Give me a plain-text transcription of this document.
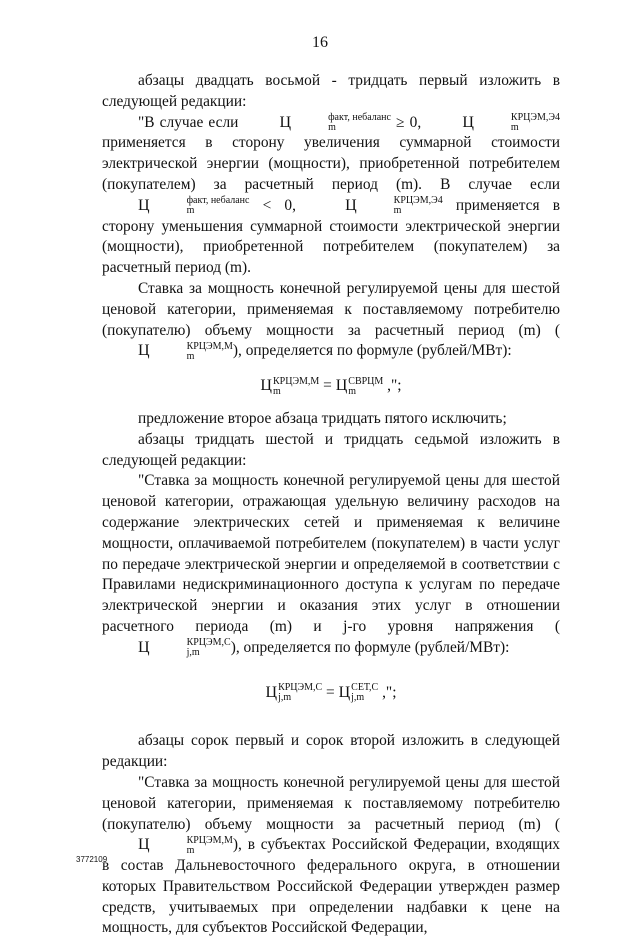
16

абзацы двадцать восьмой - тридцать первый изложить в следующей редакции:

"В случае если Ц	факт, небаланс
m	≥ 0, Ц	КРЦЭМ,Э4
m
применяется в сторону увеличения суммарной стоимости электрической энергии (мощности), приобретенной потребителем (покупателем) за расчетный период (m). В случае если Ц	факт, небаланс
m	< 0, Ц	КРЦЭМ,Э4
m	применяется в сторону уменьшения суммарной стоимости электрической энергии (мощности), приобретенной потребителем (покупателем) за расчетный период (m).

Ставка за мощность конечной регулируемой цены для шестой ценовой категории, применяемая к поставляемому потребителю (покупателю) объему мощности за расчетный период (m) (Ц	КРЦЭМ,М
m	), определяется по формуле (рублей/МВт):

Ц КРЦЭМ,М
m	= Ц СВРЦМ
m	,";

предложение второе абзаца тридцать пятого исключить;

абзацы тридцать шестой и тридцать седьмой изложить в следующей редакции:

"Ставка за мощность конечной регулируемой цены для шестой ценовой категории, отражающая удельную величину расходов на содержание электрических сетей и применяемая к величине мощности, оплачиваемой потребителем (покупателем) в части услуг по передаче электрической энергии и определяемой в соответствии с Правилами недискриминационного доступа к услугам по передаче электрической энергии и оказания этих услуг в отношении расчетного периода (m) и j-го уровня напряжения (Ц	КРЦЭМ,С
j,m	), определяется по формуле (рублей/МВт):

Ц КРЦЭМ,С
j,m	= Ц СЕТ,С
j,m ,";

абзацы сорок первый и сорок второй изложить в следующей редакции:

"Ставка за мощность конечной регулируемой цены для шестой ценовой категории, применяемая к поставляемому потребителю (покупателю) объему мощности за расчетный период (m) (Ц	КРЦЭМ,М
m	), в субъектах Российской Федерации, входящих в состав Дальневосточного федерального округа, в отношении которых Правительством Российской Федерации утвержден размер средств, учитываемых при определении надбавки к цене на мощность, для субъектов Российской Федерации,

3772109
